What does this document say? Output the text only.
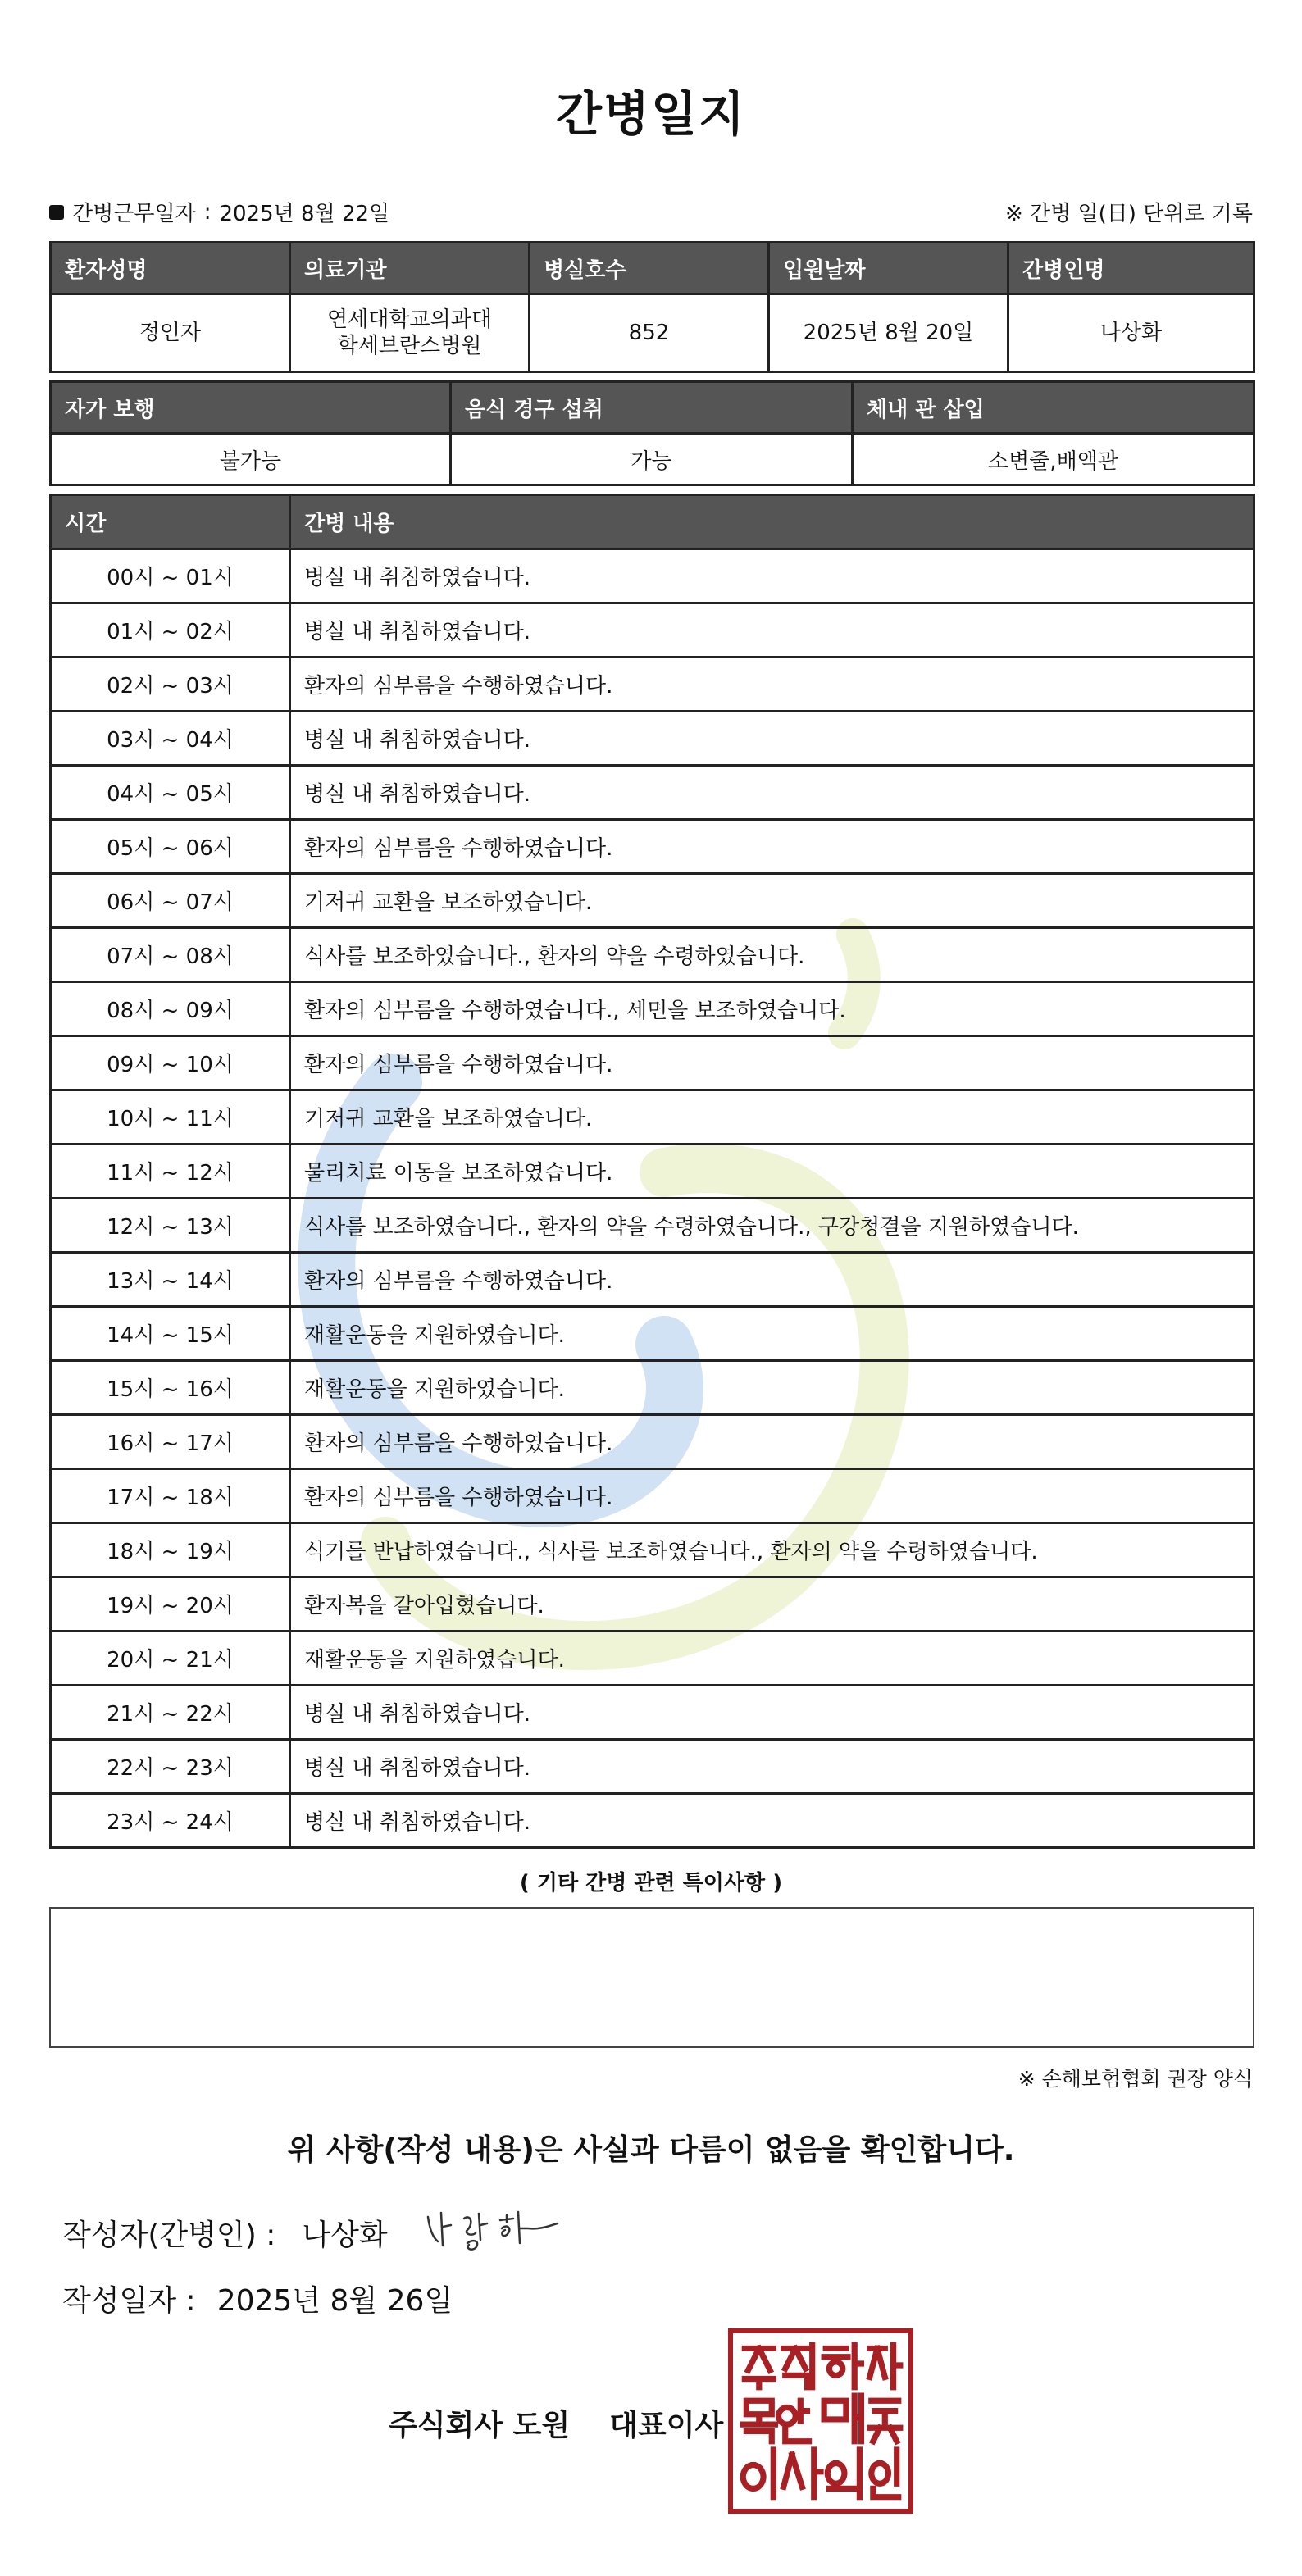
간병일지
간병근무일자 : 2025년 8월 22일	※ 간병 일(日) 단위로 기록
환자성명	의료기관	병실호수	입원날짜	간병인명
정인자	연세대학교의과대학세브란스병원	852	2025년 8월 20일	나상화
자가 보행	음식 경구 섭취	체내 관 삽입
불가능	가능	소변줄,배액관
시간	간병 내용
00시 ~ 01시	병실 내 취침하였습니다.
01시 ~ 02시	병실 내 취침하였습니다.
02시 ~ 03시	환자의 심부름을 수행하였습니다.
03시 ~ 04시	병실 내 취침하였습니다.
04시 ~ 05시	병실 내 취침하였습니다.
05시 ~ 06시	환자의 심부름을 수행하였습니다.
06시 ~ 07시	기저귀 교환을 보조하였습니다.
07시 ~ 08시	식사를 보조하였습니다., 환자의 약을 수령하였습니다.
08시 ~ 09시	환자의 심부름을 수행하였습니다., 세면을 보조하였습니다.
09시 ~ 10시	환자의 심부름을 수행하였습니다.
10시 ~ 11시	기저귀 교환을 보조하였습니다.
11시 ~ 12시	물리치료 이동을 보조하였습니다.
12시 ~ 13시	식사를 보조하였습니다., 환자의 약을 수령하였습니다., 구강청결을 지원하였습니다.
13시 ~ 14시	환자의 심부름을 수행하였습니다.
14시 ~ 15시	재활운동을 지원하였습니다.
15시 ~ 16시	재활운동을 지원하였습니다.
16시 ~ 17시	환자의 심부름을 수행하였습니다.
17시 ~ 18시	환자의 심부름을 수행하였습니다.
18시 ~ 19시	식기를 반납하였습니다., 식사를 보조하였습니다., 환자의 약을 수령하였습니다.
19시 ~ 20시	환자복을 갈아입혔습니다.
20시 ~ 21시	재활운동을 지원하였습니다.
21시 ~ 22시	병실 내 취침하였습니다.
22시 ~ 23시	병실 내 취침하였습니다.
23시 ~ 24시	병실 내 취침하였습니다.
( 기타 간병 관련 특이사항 )
※ 손해보험협회 권장 양식
위 사항(작성 내용)은 사실과 다름이 없음을 확인합니다.
작성자(간병인) : 나상화
작성일자 : 2025년 8월 26일
주식회사 도원 대표이사
